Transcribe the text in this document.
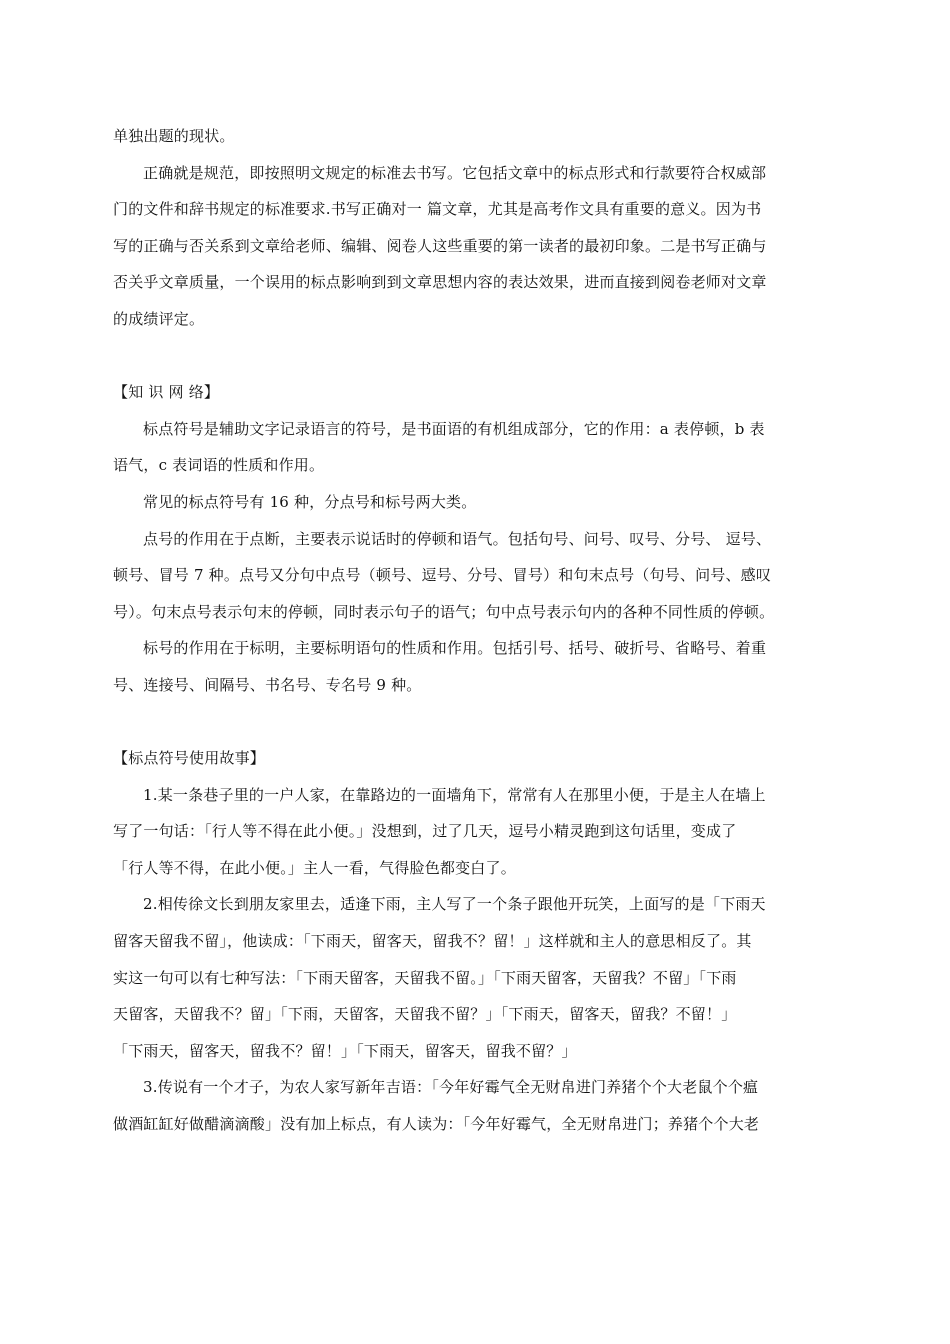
单独出题的现状。

正确就是规范，即按照明文规定的标准去书写。它包括文章中的标点形式和行款要符合权威部

门的文件和辞书规定的标准要求.书写正确对一 篇文章，尤其是高考作文具有重要的意义。因为书

写的正确与否关系到文章给老师、编辑、阅卷人这些重要的第一读者的最初印象。二是书写正确与

否关乎文章质量，一个误用的标点影响到到文章思想内容的表达效果，进而直接到阅卷老师对文章

的成绩评定。

【知 识 网 络】

标点符号是辅助文字记录语言的符号，是书面语的有机组成部分，它的作用：a 表停顿，b 表

语气，c 表词语的性质和作用。

常见的标点符号有 16 种，分点号和标号两大类。

点号的作用在于点断，主要表示说话时的停顿和语气。包括句号、问号、叹号、分号、 逗号、

顿号、冒号 7 种。点号又分句中点号（顿号、逗号、分号、冒号）和句末点号（句号、问号、感叹

号）。句末点号表示句末的停顿，同时表示句子的语气；句中点号表示句内的各种不同性质的停顿。

标号的作用在于标明，主要标明语句的性质和作用。包括引号、括号、破折号、省略号、着重

号、连接号、间隔号、书名号、专名号 9 种。

【标点符号使用故事】

1.某一条巷子里的一户人家，在靠路边的一面墙角下，常常有人在那里小便，于是主人在墙上

写了一句话：「行人等不得在此小便。」没想到，过了几天，逗号小精灵跑到这句话里，变成了

「行人等不得，在此小便。」主人一看，气得脸色都变白了。

2.相传徐文长到朋友家里去，适逢下雨，主人写了一个条子跟他开玩笑，上面写的是「下雨天

留客天留我不留」，他读成：「下雨天，留客天，留我不？留！」这样就和主人的意思相反了。其

实这一句可以有七种写法：「下雨天留客，天留我不留。」「下雨天留客，天留我？不留」「下雨

天留客，天留我不？留」「下雨，天留客，天留我不留？」「下雨天，留客天，留我？不留！」

「下雨天，留客天，留我不？留！」「下雨天，留客天，留我不留？」

3.传说有一个才子，为农人家写新年吉语：「今年好霉气全无财帛进门养猪个个大老鼠个个瘟

做酒缸缸好做醋滴滴酸」没有加上标点，有人读为：「今年好霉气，全无财帛进门；养猪个个大老
